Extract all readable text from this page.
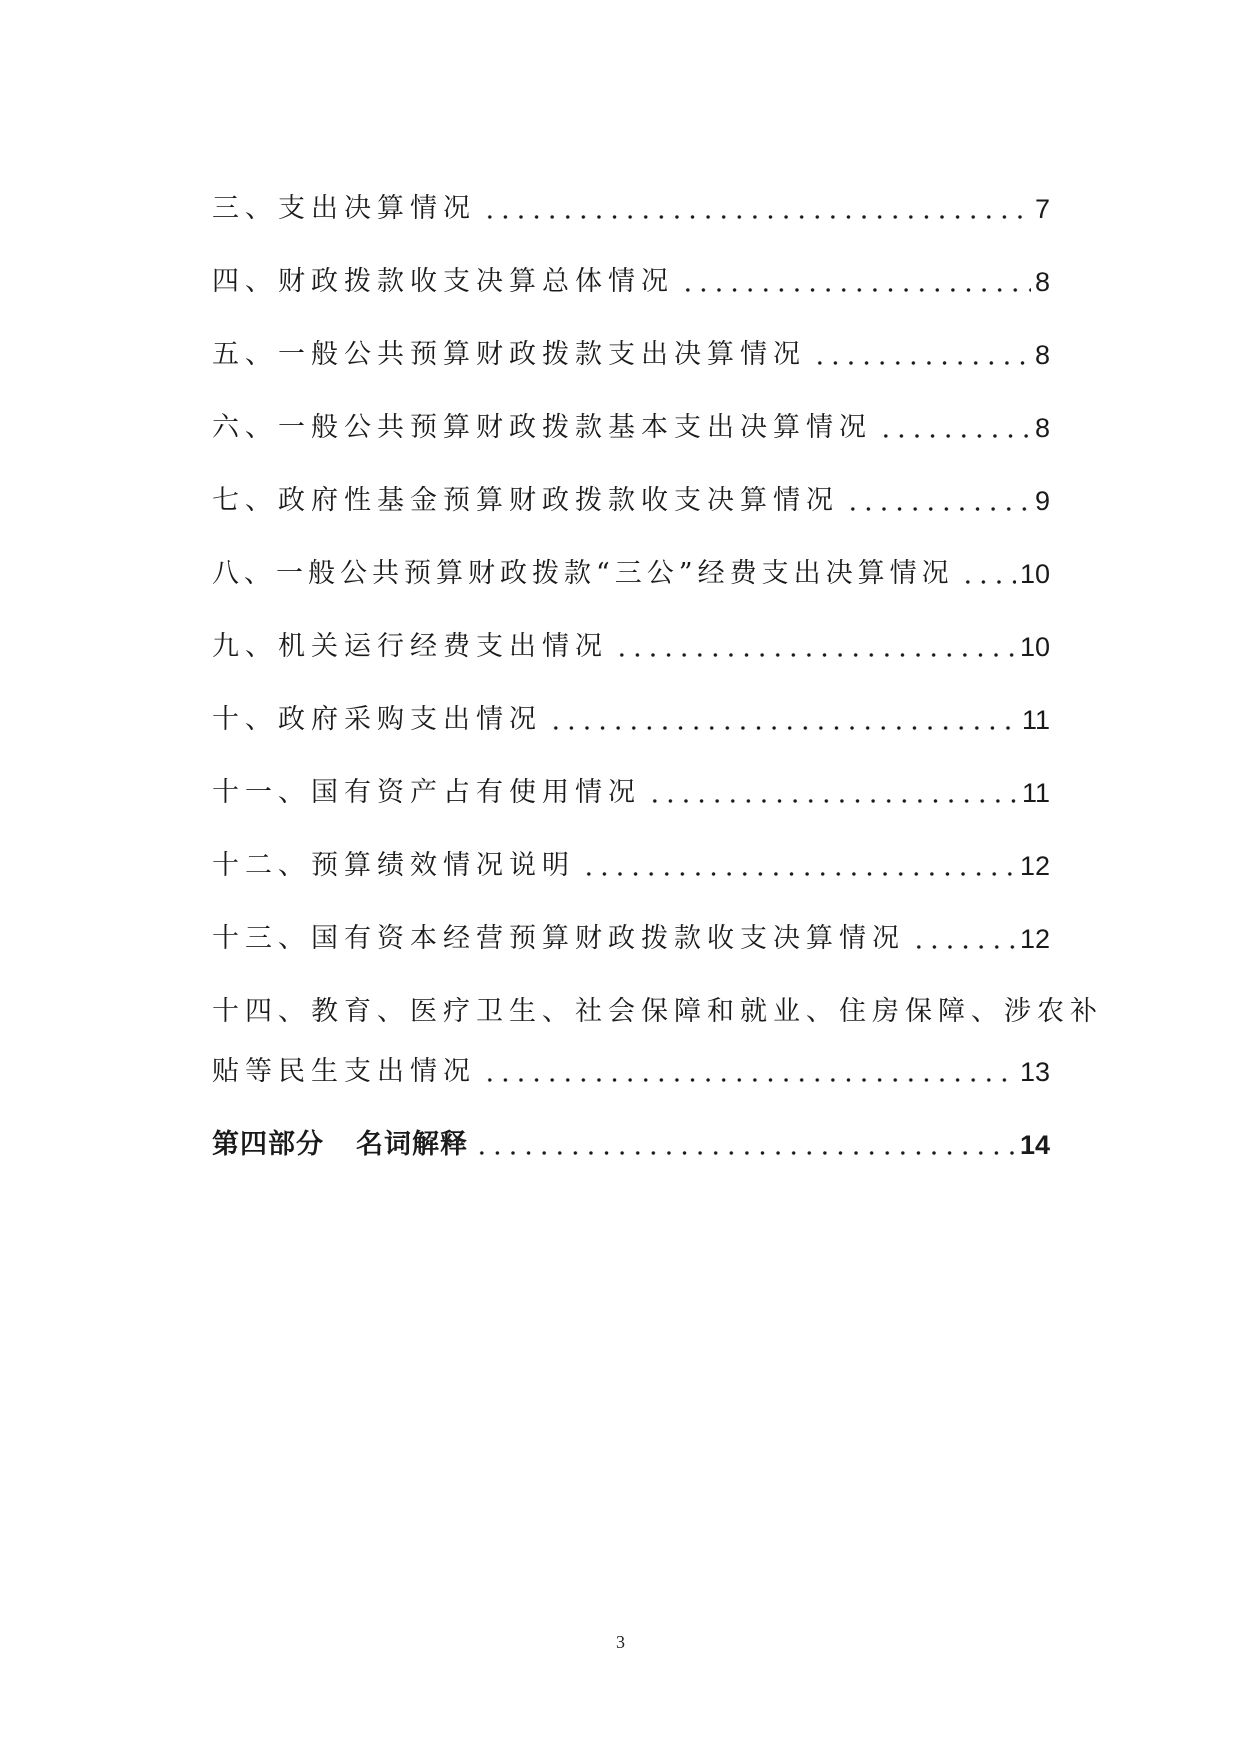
三、支出决算情况	7
四、财政拨款收支决算总体情况	8
五、一般公共预算财政拨款支出决算情况	8
六、一般公共预算财政拨款基本支出决算情况	8
七、政府性基金预算财政拨款收支决算情况	9
八、一般公共预算财政拨款“三公”经费支出决算情况 10
九、机关运行经费支出情况	10
十、政府采购支出情况	11
十一、国有资产占有使用情况	11
十二、预算绩效情况说明	12
十三、国有资本经营预算财政拨款收支决算情况	12
十四、教育、医疗卫生、社会保障和就业、住房保障、涉农补
贴等民生支出情况	13
第四部分 名词解释	14
3
